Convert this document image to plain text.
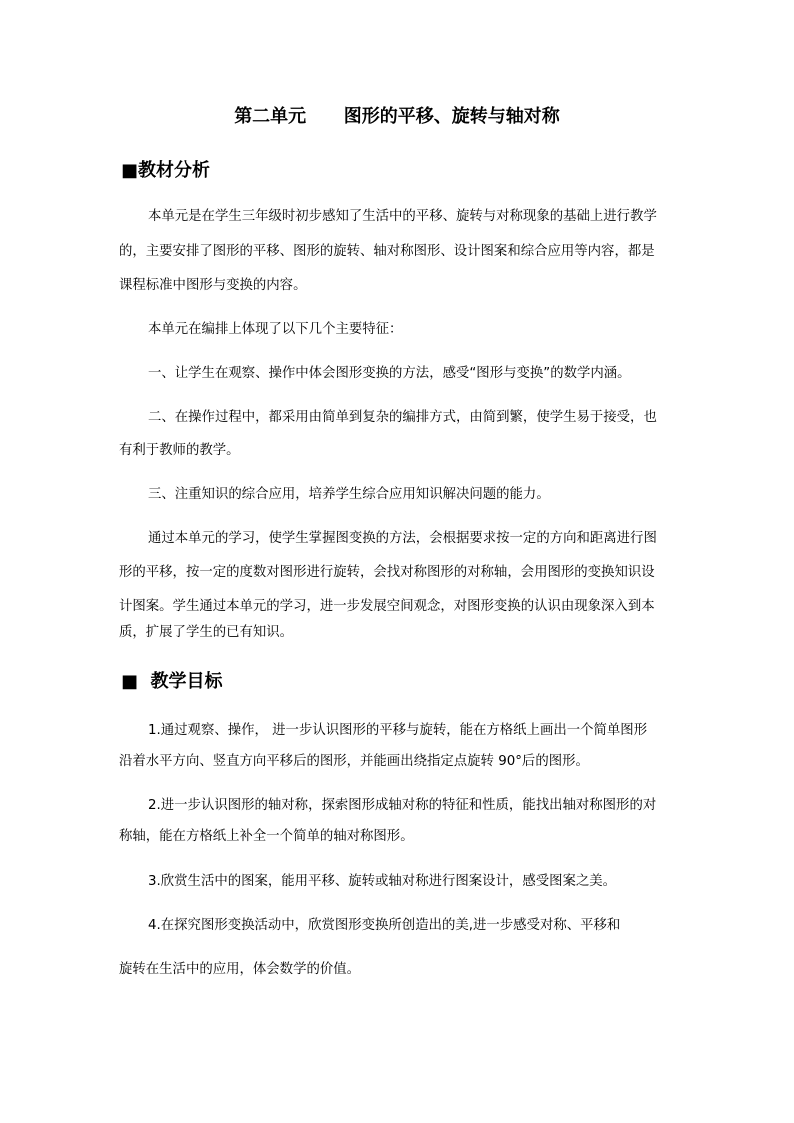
第二单元      图形的平移、旋转与轴对称
■教材分析
本单元是在学生三年级时初步感知了生活中的平移、旋转与对称现象的基础上进行教学
的，主要安排了图形的平移、图形的旋转、轴对称图形、设计图案和综合应用等内容，都是
课程标准中图形与变换的内容。
本单元在编排上体现了以下几个主要特征：
一、让学生在观察、操作中体会图形变换的方法，感受“图形与变换”的数学内涵。
二、在操作过程中，都采用由简单到复杂的编排方式，由简到繁，使学生易于接受，也
有利于教师的教学。
三、注重知识的综合应用，培养学生综合应用知识解决问题的能力。
通过本单元的学习，使学生掌握图变换的方法，会根据要求按一定的方向和距离进行图
形的平移，按一定的度数对图形进行旋转，会找对称图形的对称轴，会用图形的变换知识设
计图案。学生通过本单元的学习，进一步发展空间观念，对图形变换的认识由现象深入到本
质，扩展了学生的已有知识。
■  教学目标
1.通过观察、操作， 进一步认识图形的平移与旋转，能在方格纸上画出一个简单图形
沿着水平方向、竖直方向平移后的图形，并能画出绕指定点旋转 90°后的图形。
2.进一步认识图形的轴对称，探索图形成轴对称的特征和性质，能找出轴对称图形的对
称轴，能在方格纸上补全一个简单的轴对称图形。
3.欣赏生活中的图案，能用平移、旋转或轴对称进行图案设计，感受图案之美。
4.在探究图形变换活动中，欣赏图形变换所创造出的美,进一步感受对称、平移和
旋转在生活中的应用，体会数学的价值。
